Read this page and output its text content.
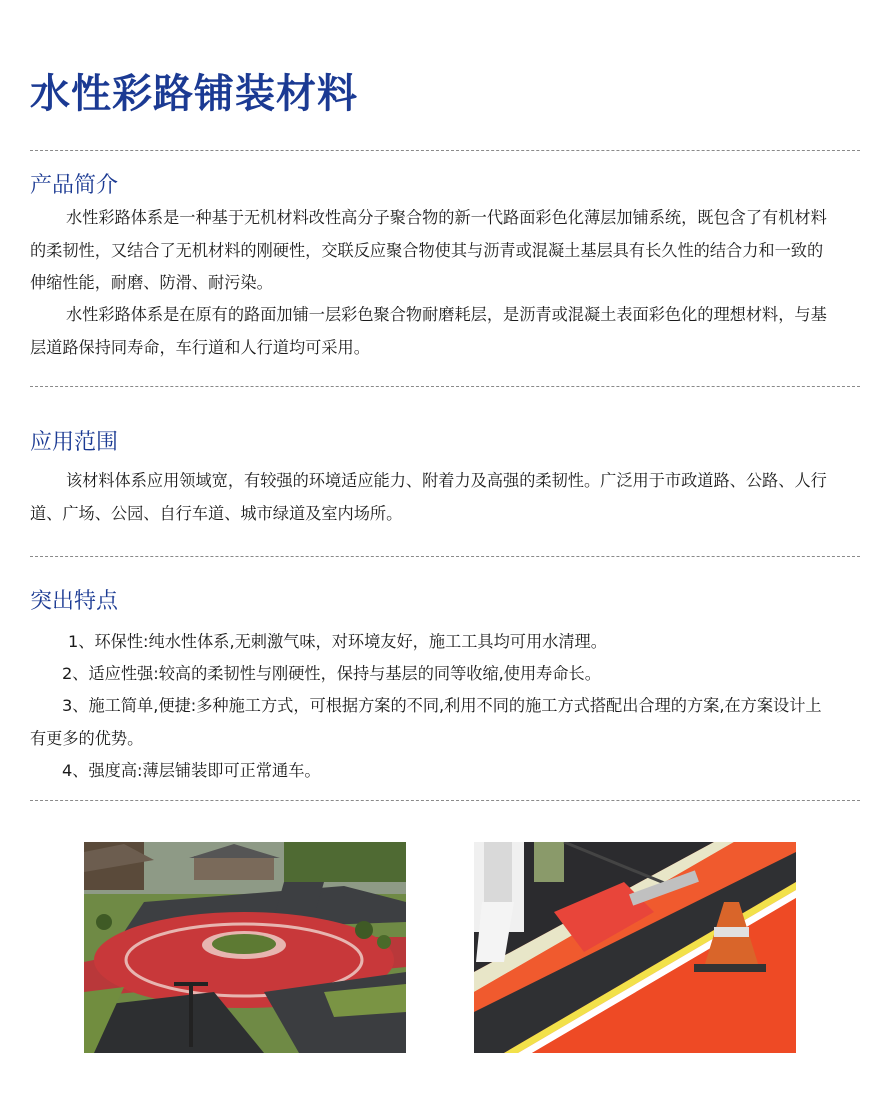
水性彩路铺装材料
产品简介

水性彩路体系是一种基于无机材料改性高分子聚合物的新一代路面彩色化薄层加铺系统，既包含了有机材料的柔韧性，又结合了无机材料的刚硬性，交联反应聚合物使其与沥青或混凝土基层具有长久性的结合力和一致的伸缩性能，耐磨、防滑、耐污染。

水性彩路体系是在原有的路面加铺一层彩色聚合物耐磨耗层，是沥青或混凝土表面彩色化的理想材料，与基层道路保持同寿命，车行道和人行道均可采用。

应用范围

该材料体系应用领域宽，有较强的环境适应能力、附着力及高强的柔韧性。广泛用于市政道路、公路、人行道、广场、公园、自行车道、城市绿道及室内场所。

突出特点

1、环保性:纯水性体系,无刺激气味，对环境友好，施工工具均可用水清理。

2、适应性强:较高的柔韧性与刚硬性，保持与基层的同等收缩,使用寿命长。

3、施工简单,便捷:多种施工方式，可根据方案的不同,利用不同的施工方式搭配出合理的方案,在方案设计上有更多的优势。

4、强度高:薄层铺装即可正常通车。
